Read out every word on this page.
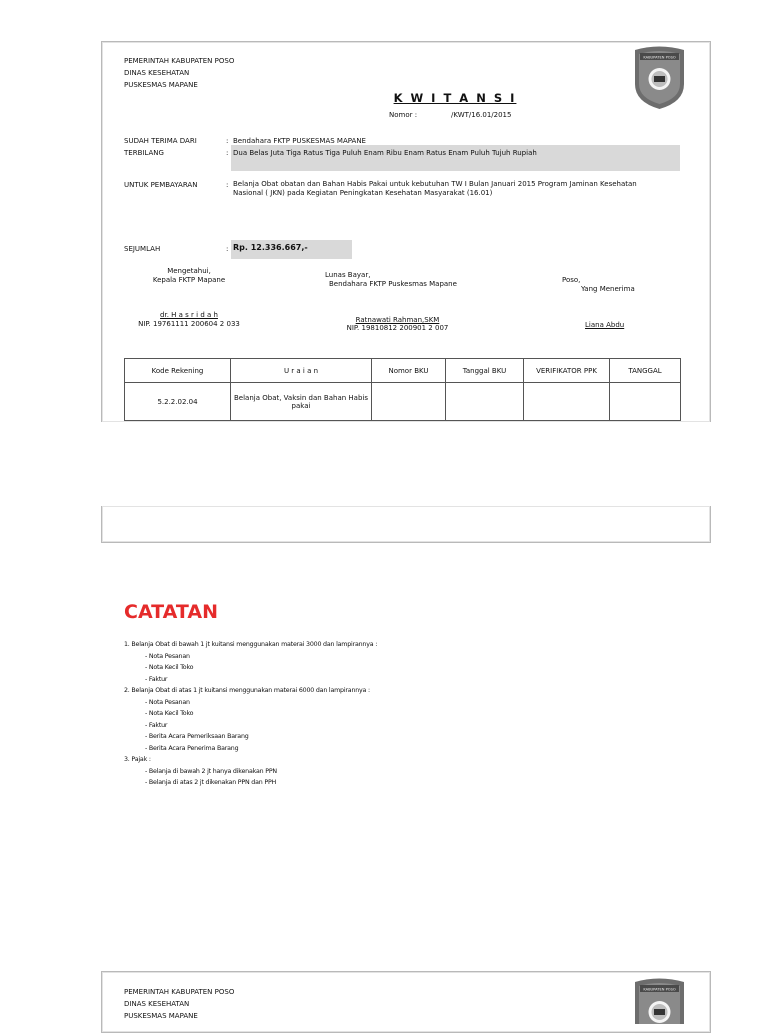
PEMERINTAH KABUPATEN POSO
DINAS KESEHATAN
PUSKESMAS MAPANE
KABUPATEN POSO
K W I T A N S I
Nomor :	/KWT/16.01/2015
SUDAH TERIMA DARI	: Bendahara FKTP PUSKESMAS MAPANE
TERBILANG	: Dua Belas Juta Tiga Ratus Tiga Puluh Enam Ribu Enam Ratus Enam Puluh Tujuh Rupiah
UNTUK PEMBAYARAN	: Belanja Obat obatan dan Bahan Habis Pakai untuk kebutuhan TW I Bulan Januari 2015 Program Jaminan Kesehatan
Nasional ( JKN) pada Kegiatan Peningkatan Kesehatan Masyarakat (16.01)
SEJUMLAH	: Rp. 12.336.667,-
Mengetahui,
Kepala FKTP Mapane
dr. H a s r i d a h
NIP. 19761111 200604 2 033
Lunas Bayar,
Bendahara FKTP Puskesmas Mapane
Ratnawati Rahman,SKM
NIP. 19810812 200901 2 007
Poso,
Yang Menerima
Liana Abdu
Kode Rekening	U r a i a n	Nomor BKU	Tanggal BKU	VERIFIKATOR PPK	TANGGAL
5.2.2.02.04	Belanja Obat, Vaksin dan Bahan Habis pakai				
CATATAN
1. Belanja Obat di bawah 1 jt kuitansi menggunakan materai 3000 dan lampirannya :
- Nota Pesanan
- Nota Kecil Toko
- Faktur
2. Belanja Obat di atas 1 jt kuitansi menggunakan materai 6000 dan lampirannya :
- Nota Pesanan
- Nota Kecil Toko
- Faktur
- Berita Acara Pemeriksaan Barang
- Berita Acara Penerima Barang
3. Pajak :
- Belanja di bawah 2 jt hanya dikenakan PPN
- Belanja di atas 2 jt dikenakan PPN dan PPH
PEMERINTAH KABUPATEN POSO
DINAS KESEHATAN
PUSKESMAS MAPANE
KABUPATEN POSO
